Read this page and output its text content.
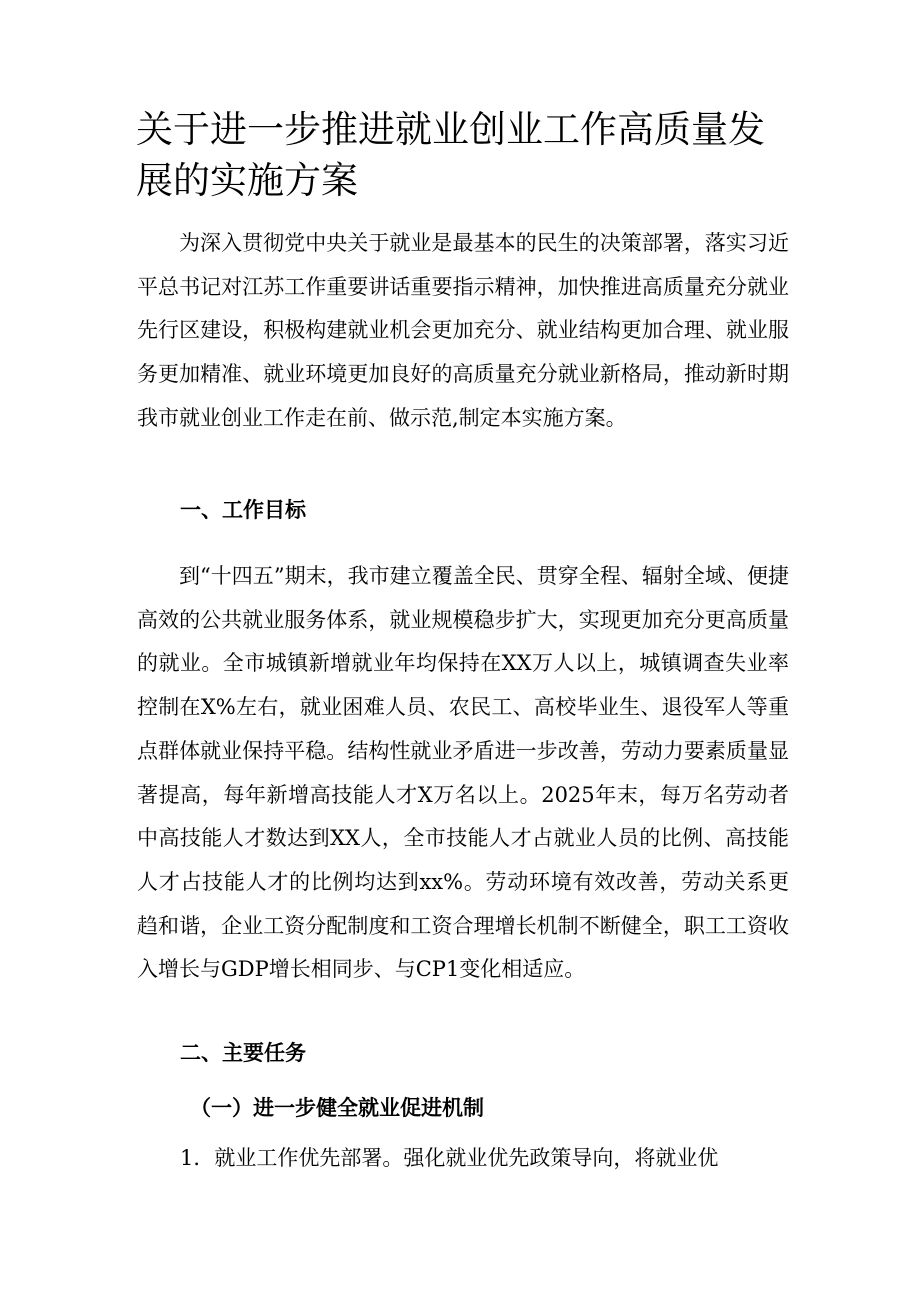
关于进一步推进就业创业工作高质量发展的实施方案

为深入贯彻党中央关于就业是最基本的民生的决策部署，落实习近平总书记对江苏工作重要讲话重要指示精神，加快推进高质量充分就业先行区建设，积极构建就业机会更加充分、就业结构更加合理、就业服务更加精准、就业环境更加良好的高质量充分就业新格局，推动新时期我市就业创业工作走在前、做示范,制定本实施方案。

一、工作目标

到“十四五”期末，我市建立覆盖全民、贯穿全程、辐射全域、便捷高效的公共就业服务体系，就业规模稳步扩大，实现更加充分更高质量的就业。全市城镇新增就业年均保持在XX万人以上，城镇调查失业率控制在X%左右，就业困难人员、农民工、高校毕业生、退役军人等重点群体就业保持平稳。结构性就业矛盾进一步改善，劳动力要素质量显著提高，每年新增高技能人才X万名以上。2025年末，每万名劳动者中高技能人才数达到XX人，全市技能人才占就业人员的比例、高技能人才占技能人才的比例均达到xx%。劳动环境有效改善，劳动关系更趋和谐，企业工资分配制度和工资合理增长机制不断健全，职工工资收入增长与GDP增长相同步、与CP1变化相适应。

二、主要任务
（一）进一步健全就业促进机制

1．就业工作优先部署。强化就业优先政策导向，将就业优
